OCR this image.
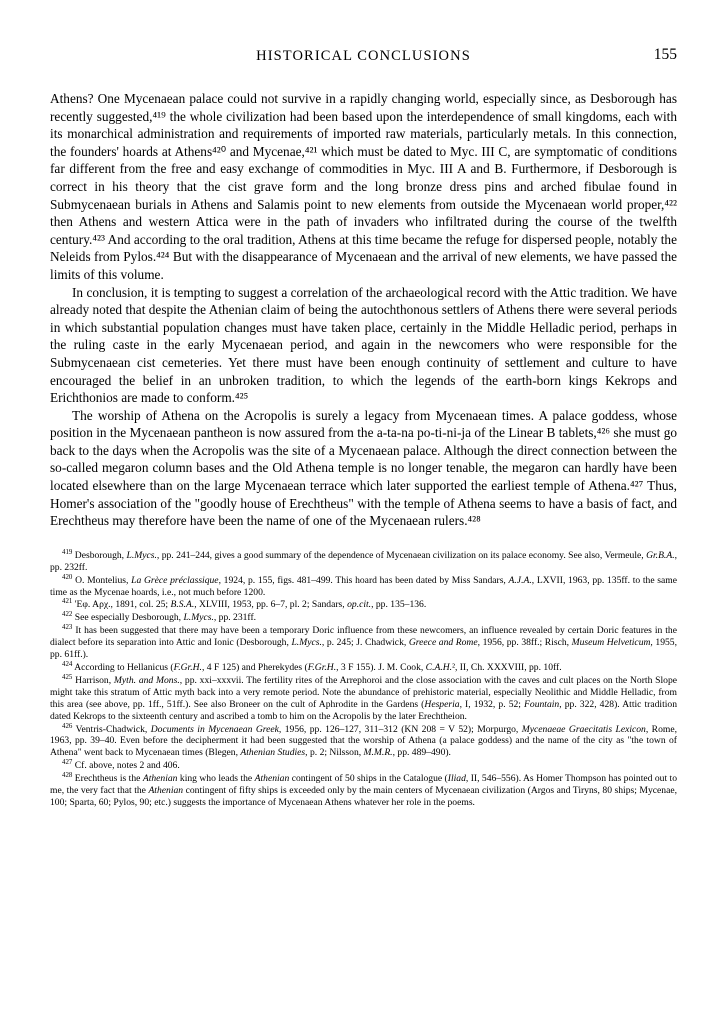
HISTORICAL CONCLUSIONS	155

Athens? One Mycenaean palace could not survive in a rapidly changing world, especially since, as Desborough has recently suggested,⁴¹⁹ the whole civilization had been based upon the interdependence of small kingdoms, each with its monarchical administration and requirements of imported raw materials, particularly metals. In this connection, the founders' hoards at Athens⁴²⁰ and Mycenae,⁴²¹ which must be dated to Myc. III C, are symptomatic of conditions far different from the free and easy exchange of commodities in Myc. III A and B. Furthermore, if Desborough is correct in his theory that the cist grave form and the long bronze dress pins and arched fibulae found in Submycenaean burials in Athens and Salamis point to new elements from outside the Mycenaean world proper,⁴²² then Athens and western Attica were in the path of invaders who infiltrated during the course of the twelfth century.⁴²³ And according to the oral tradition, Athens at this time became the refuge for dispersed people, notably the Neleids from Pylos.⁴²⁴ But with the disappearance of Mycenaean and the arrival of new elements, we have passed the limits of this volume.

In conclusion, it is tempting to suggest a correlation of the archaeological record with the Attic tradition. We have already noted that despite the Athenian claim of being the autochthonous settlers of Athens there were several periods in which substantial population changes must have taken place, certainly in the Middle Helladic period, perhaps in the ruling caste in the early Mycenaean period, and again in the newcomers who were responsible for the Submycenaean cist cemeteries. Yet there must have been enough continuity of settlement and culture to have encouraged the belief in an unbroken tradition, to which the legends of the earth-born kings Kekrops and Erichthonios are made to conform.⁴²⁵

The worship of Athena on the Acropolis is surely a legacy from Mycenaean times. A palace goddess, whose position in the Mycenaean pantheon is now assured from the a-ta-na po-ti-ni-ja of the Linear B tablets,⁴²⁶ she must go back to the days when the Acropolis was the site of a Mycenaean palace. Although the direct connection between the so-called megaron column bases and the Old Athena temple is no longer tenable, the megaron can hardly have been located elsewhere than on the large Mycenaean terrace which later supported the earliest temple of Athena.⁴²⁷ Thus, Homer's association of the "goodly house of Erechtheus" with the temple of Athena seems to have a basis of fact, and Erechtheus may therefore have been the name of one of the Mycenaean rulers.⁴²⁸

$^{419}$ Desborough, L.Mycs., pp. 241–244, gives a good summary of the dependence of Mycenaean civilization on its palace economy. See also, Vermeule, Gr.B.A., pp. 232ff.

$^{420}$ O. Montelius, La Grèce préclassique, 1924, p. 155, figs. 481–499. This hoard has been dated by Miss Sandars, A.J.A., LXVII, 1963, pp. 135ff. to the same time as the Mycenae hoards, i.e., not much before 1200.

$^{421}$ 'Εφ. Αρχ., 1891, col. 25; B.S.A., XLVIII, 1953, pp. 6–7, pl. 2; Sandars, op.cit., pp. 135–136.

$^{422}$ See especially Desborough, L.Mycs., pp. 231ff.

$^{423}$ It has been suggested that there may have been a temporary Doric influence from these newcomers, an influence revealed by certain Doric features in the dialect before its separation into Attic and Ionic (Desborough, L.Mycs., p. 245; J. Chadwick, Greece and Rome, 1956, pp. 38ff.; Risch, Museum Helveticum, 1955, pp. 61ff.).

$^{424}$ According to Hellanicus (F.Gr.H., 4 F 125) and Pherekydes (F.Gr.H., 3 F 155). J. M. Cook, C.A.H.², II, Ch. XXXVIII, pp. 10ff.

$^{425}$ Harrison, Myth. and Mons., pp. xxi–xxxvii. The fertility rites of the Arrephoroi and the close association with the caves and cult places on the North Slope might take this stratum of Attic myth back into a very remote period. Note the abundance of prehistoric material, especially Neolithic and Middle Helladic, from this area (see above, pp. 1ff., 51ff.). See also Broneer on the cult of Aphrodite in the Gardens (Hesperia, I, 1932, p. 52; Fountain, pp. 322, 428). Attic tradition dated Kekrops to the sixteenth century and ascribed a tomb to him on the Acropolis by the later Erechtheion.

$^{426}$ Ventris-Chadwick, Documents in Mycenaean Greek, 1956, pp. 126–127, 311–312 (KN 208 = V 52); Morpurgo, Mycenaeae Graecitatis Lexicon, Rome, 1963, pp. 39–40. Even before the decipherment it had been suggested that the worship of Athena (a palace goddess) and the name of the city as "the town of Athena" went back to Mycenaean times (Blegen, Athenian Studies, p. 2; Nilsson, M.M.R., pp. 489–490).

$^{427}$ Cf. above, notes 2 and 406.

$^{428}$ Erechtheus is the Athenian king who leads the Athenian contingent of 50 ships in the Catalogue (Iliad, II, 546–556). As Homer Thompson has pointed out to me, the very fact that the Athenian contingent of fifty ships is exceeded only by the main centers of Mycenaean civilization (Argos and Tiryns, 80 ships; Mycenae, 100; Sparta, 60; Pylos, 90; etc.) suggests the importance of Mycenaean Athens whatever her role in the poems.
